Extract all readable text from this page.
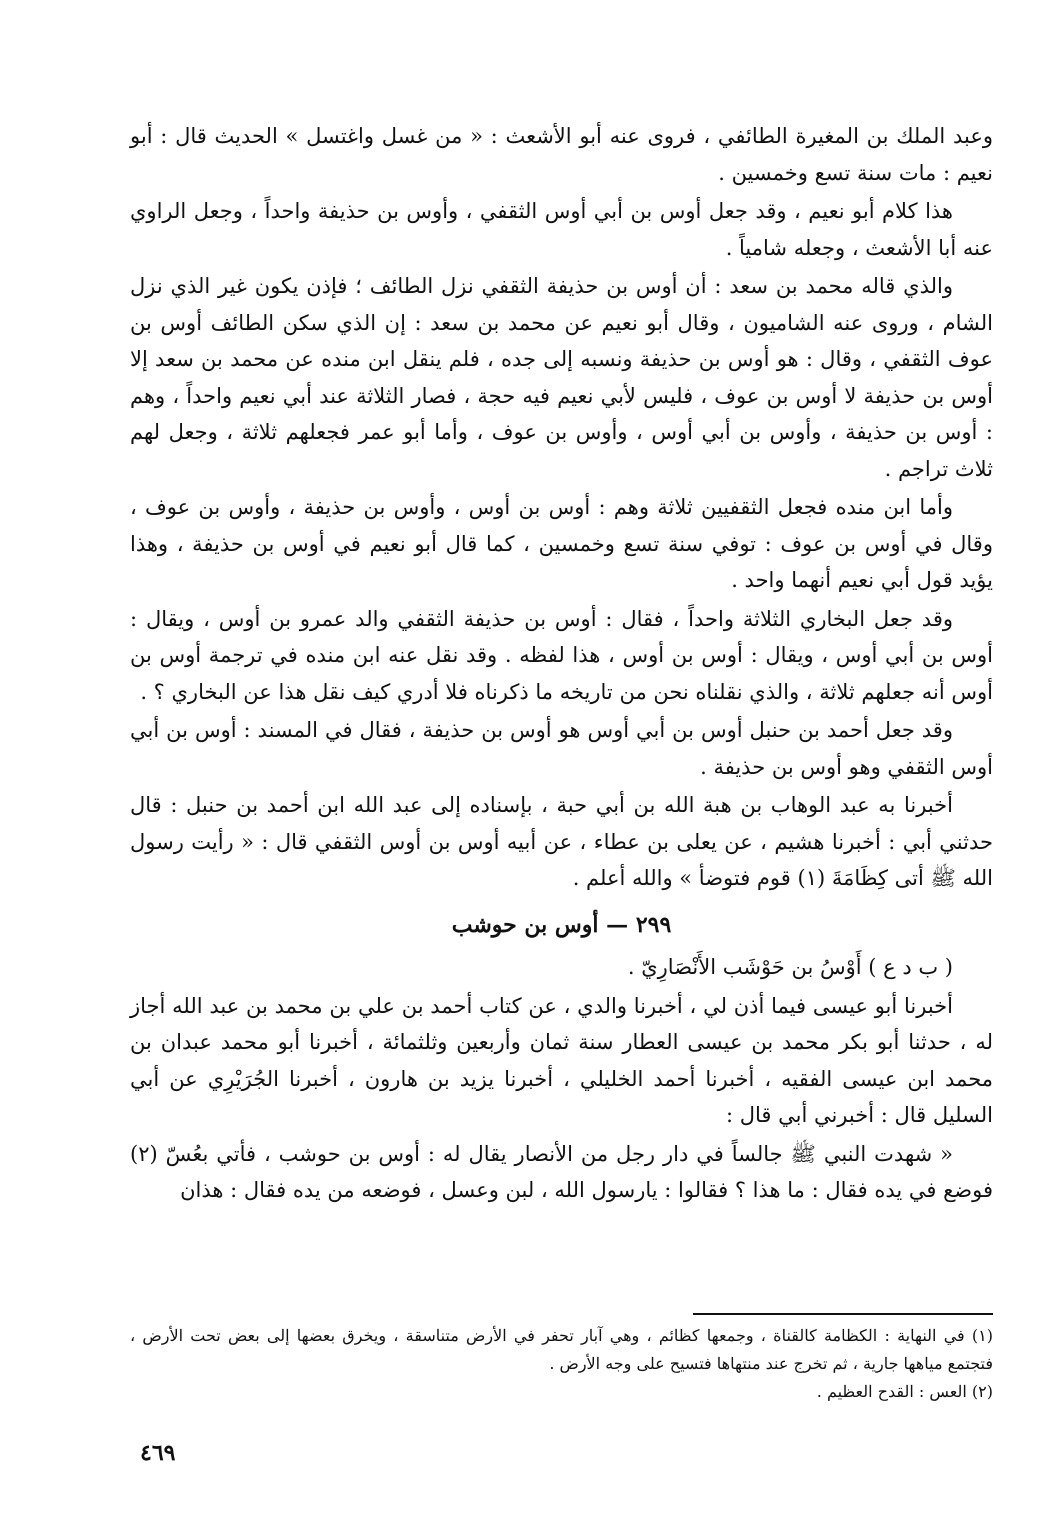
وعبد الملك بن المغيرة الطائفي ، فروى عنه أبو الأشعث : « من غسل واغتسل » الحديث قال : أبو نعيم : مات سنة تسع وخمسين .

هذا كلام أبو نعيم ، وقد جعل أوس بن أبي أوس الثقفي ، وأوس بن حذيفة واحداً ، وجعل الراوي عنه أبا الأشعث ، وجعله شامياً .

والذي قاله محمد بن سعد : أن أوس بن حذيفة الثقفي نزل الطائف ؛ فإذن يكون غير الذي نزل الشام ، وروى عنه الشاميون ، وقال أبو نعيم عن محمد بن سعد : إن الذي سكن الطائف أوس بن عوف الثقفي ، وقال : هو أوس بن حذيفة ونسبه إلى جده ، فلم ينقل ابن منده عن محمد بن سعد إلا أوس بن حذيفة لا أوس بن عوف ، فليس لأبي نعيم فيه حجة ، فصار الثلاثة عند أبي نعيم واحداً ، وهم : أوس بن حذيفة ، وأوس بن أبي أوس ، وأوس بن عوف ، وأما أبو عمر فجعلهم ثلاثة ، وجعل لهم ثلاث تراجم .

وأما ابن منده فجعل الثقفيين ثلاثة وهم : أوس بن أوس ، وأوس بن حذيفة ، وأوس بن عوف ، وقال في أوس بن عوف : توفي سنة تسع وخمسين ، كما قال أبو نعيم في أوس بن حذيفة ، وهذا يؤيد قول أبي نعيم أنهما واحد .

وقد جعل البخاري الثلاثة واحداً ، فقال : أوس بن حذيفة الثقفي والد عمرو بن أوس ، ويقال : أوس بن أبي أوس ، ويقال : أوس بن أوس ، هذا لفظه . وقد نقل عنه ابن منده في ترجمة أوس بن أوس أنه جعلهم ثلاثة ، والذي نقلناه نحن من تاريخه ما ذكرناه فلا أدري كيف نقل هذا عن البخاري ؟ .

وقد جعل أحمد بن حنبل أوس بن أبي أوس هو أوس بن حذيفة ، فقال في المسند : أوس بن أبي أوس الثقفي وهو أوس بن حذيفة .

أخبرنا به عبد الوهاب بن هبة الله بن أبي حبة ، بإسناده إلى عبد الله ابن أحمد بن حنبل : قال حدثني أبي : أخبرنا هشيم ، عن يعلى بن عطاء ، عن أبيه أوس بن أوس الثقفي قال : « رأيت رسول الله ﷺ أتى كِظَامَةَ (١) قوم فتوضأ » والله أعلم .

٢٩٩ — أوس بن حوشب

( ب د ع ) أَوْسُ بن حَوْشَب الأَنْصَارِيّ .

أخبرنا أبو عيسى فيما أذن لي ، أخبرنا والدي ، عن كتاب أحمد بن علي بن محمد بن عبد الله أجاز له ، حدثنا أبو بكر محمد بن عيسى العطار سنة ثمان وأربعين وثلثمائة ، أخبرنا أبو محمد عبدان بن محمد ابن عيسى الفقيه ، أخبرنا أحمد الخليلي ، أخبرنا يزيد بن هارون ، أخبرنا الجُرَيْرِي عن أبي السليل قال : أخبرني أبي قال :

« شهدت النبي ﷺ جالساً في دار رجل من الأنصار يقال له : أوس بن حوشب ، فأتي بعُسّ (٢) فوضع في يده فقال : ما هذا ؟ فقالوا : يارسول الله ، لبن وعسل ، فوضعه من يده فقال : هذان

(١) في النهاية : الكظامة كالقناة ، وجمعها كظائم ، وهي آبار تحفر في الأرض متناسقة ، ويخرق بعضها إلى بعض تحت الأرض ، فتجتمع مياهها جارية ، ثم تخرج عند منتهاها فتسيح على وجه الأرض .

(٢) العس : القدح العظيم .

٤٦٩
